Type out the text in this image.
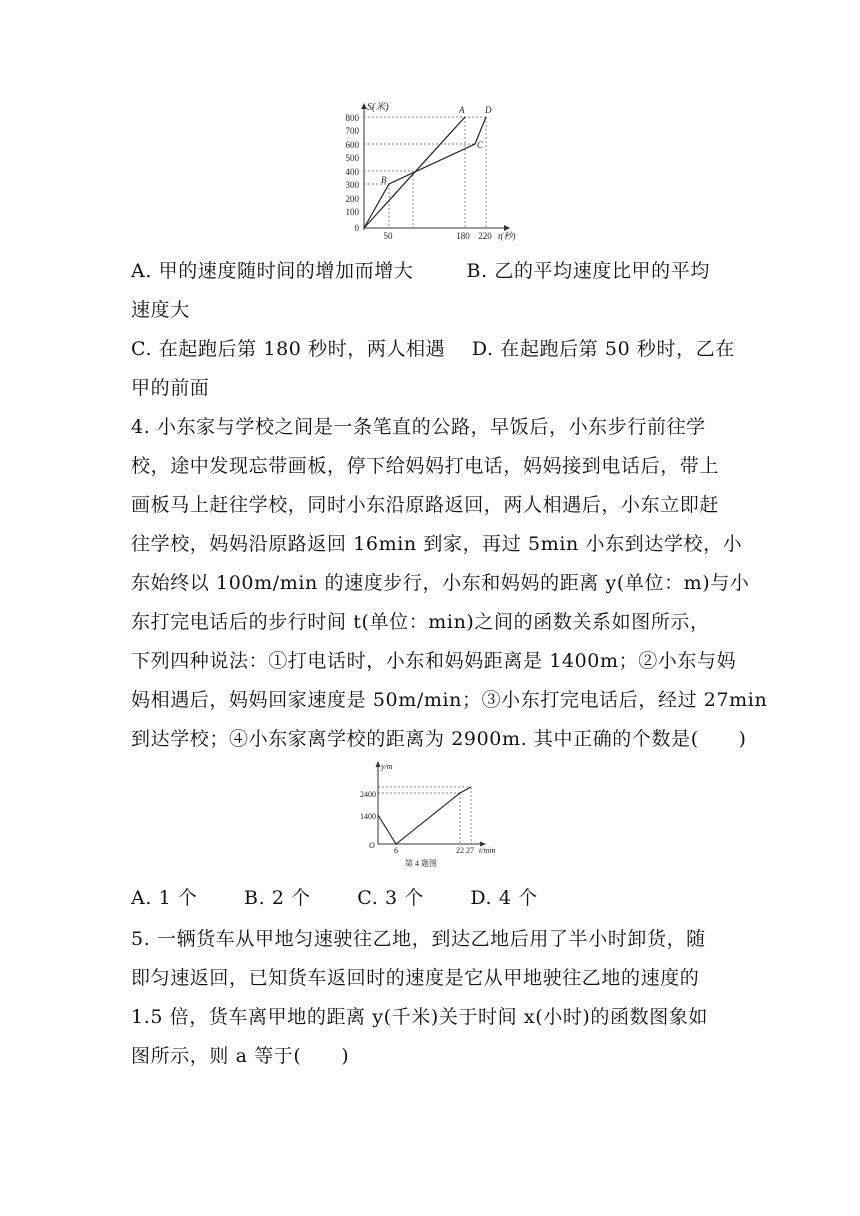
100
200
300
400
500
600
700
800
0
S(米)
50	180 220 t(秒)
A
B
C
D
A. 甲的速度随时间的增加而增大        B. 乙的平均速度比甲的平均
速度大
C. 在起跑后第 180 秒时，两人相遇    D. 在起跑后第 50 秒时，乙在
甲的前面
4. 小东家与学校之间是一条笔直的公路，早饭后，小东步行前往学
校，途中发现忘带画板，停下给妈妈打电话，妈妈接到电话后，带上
画板马上赶往学校，同时小东沿原路返回，两人相遇后，小东立即赶
往学校，妈妈沿原路返回 16min 到家，再过 5min 小东到达学校，小
东始终以 100m/min 的速度步行，小东和妈妈的距离 y(单位：m)与小
东打完电话后的步行时间 t(单位：min)之间的函数关系如图所示，
下列四种说法：①打电话时，小东和妈妈距离是 1400m；②小东与妈
妈相遇后，妈妈回家速度是 50m/min；③小东打完电话后，经过 27min
到达学校；④小东家离学校的距离为 2900m. 其中正确的个数是(      )
y/m
t/min
O
1400
2400
6	22 27
第 4 题图
A. 1 个       B. 2 个       C. 3 个       D. 4 个
5. 一辆货车从甲地匀速驶往乙地，到达乙地后用了半小时卸货，随
即匀速返回，已知货车返回时的速度是它从甲地驶往乙地的速度的
1.5 倍，货车离甲地的距离 y(千米)关于时间 x(小时)的函数图象如
图所示，则 a 等于(      )
